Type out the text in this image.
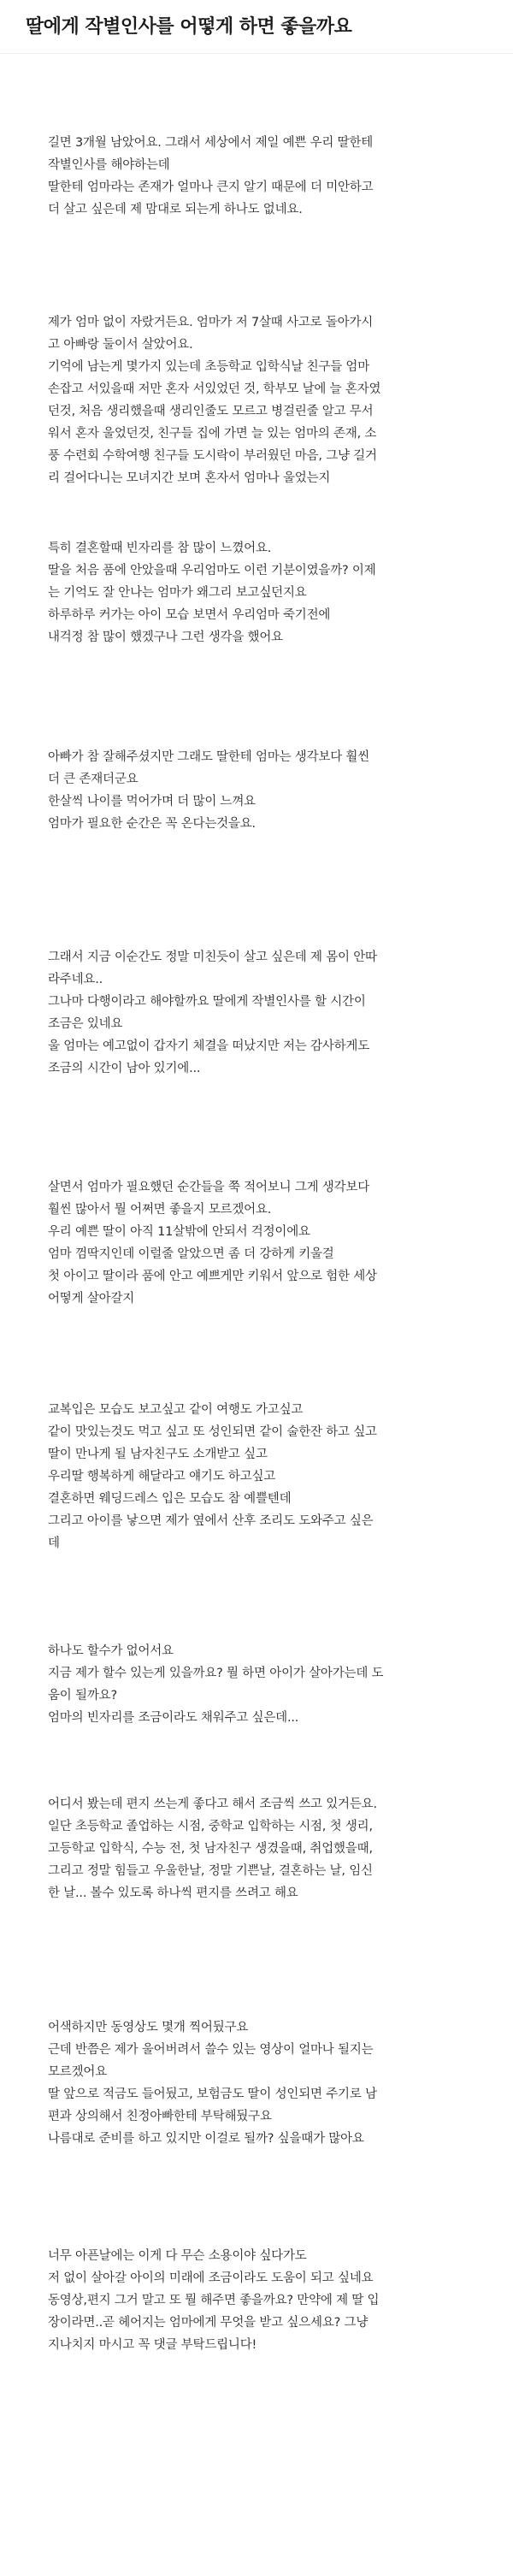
딸에게 작별인사를 어떻게 하면 좋을까요
길면 3개월 남았어요. 그래서 세상에서 제일 예쁜 우리 딸한테
작별인사를 해야하는데
딸한테 엄마라는 존재가 얼마나 큰지 알기 때문에 더 미안하고
더 살고 싶은데 제 맘대로 되는게 하나도 없네요.
제가 엄마 없이 자랐거든요. 엄마가 저 7살때 사고로 돌아가시
고 아빠랑 둘이서 살았어요.
기억에 남는게 몇가지 있는데 초등학교 입학식날 친구들 엄마
손잡고 서있을때 저만 혼자 서있었던 것, 학부모 날에 늘 혼자였
던것, 처음 생리했을때 생리인줄도 모르고 병걸린줄 알고 무서
워서 혼자 울었던것, 친구들 집에 가면 늘 있는 엄마의 존재, 소
풍 수련회 수학여행 친구들 도시락이 부러웠던 마음, 그냥 길거
리 걸어다니는 모녀지간 보며 혼자서 엄마나 울었는지
특히 결혼할때 빈자리를 참 많이 느꼈어요.
딸을 처음 품에 안았을때 우리엄마도 이런 기분이였을까? 이제
는 기억도 잘 안나는 엄마가 왜그리 보고싶던지요
하루하루 커가는 아이 모습 보면서 우리엄마 죽기전에
내걱정 참 많이 했겠구나 그런 생각을 했어요
아빠가 참 잘해주셨지만 그래도 딸한테 엄마는 생각보다 훨씬
더 큰 존재더군요
한살씩 나이를 먹어가며 더 많이 느껴요
엄마가 필요한 순간은 꼭 온다는것을요.
그래서 지금 이순간도 정말 미친듯이 살고 싶은데 제 몸이 안따
라주네요..
그나마 다행이라고 해야할까요 딸에게 작별인사를 할 시간이
조금은 있네요
울 엄마는 예고없이 갑자기 체결을 떠났지만 저는 감사하게도
조금의 시간이 남아 있기에...
살면서 엄마가 필요했던 순간들을 쭉 적어보니 그게 생각보다
훨씬 많아서 뭘 어쩌면 좋을지 모르겠어요.
우리 예쁜 딸이 아직 11살밖에 안되서 걱정이에요
엄마 껌딱지인데 이럴줄 알았으면 좀 더 강하게 키울걸
첫 아이고 딸이라 품에 안고 예쁘게만 키워서 앞으로 험한 세상
어떻게 살아갈지
교복입은 모습도 보고싶고 같이 여행도 가고싶고
같이 맛있는것도 먹고 싶고 또 성인되면 같이 술한잔 하고 싶고
딸이 만나게 될 남자친구도 소개받고 싶고
우리딸 행복하게 해달라고 얘기도 하고싶고
결혼하면 웨딩드레스 입은 모습도 참 예쁠텐데
그리고 아이를 낳으면 제가 옆에서 산후 조리도 도와주고 싶은
데
하나도 할수가 없어서요
지금 제가 할수 있는게 있을까요? 뭘 하면 아이가 살아가는데 도
움이 될까요?
엄마의 빈자리를 조금이라도 채워주고 싶은데...
어디서 봤는데 편지 쓰는게 좋다고 해서 조금씩 쓰고 있거든요.
일단 초등학교 졸업하는 시점, 중학교 입학하는 시점, 첫 생리,
고등학교 입학식, 수능 전, 첫 남자친구 생겼을때, 취업했을때,
그리고 정말 힘들고 우울한날, 정말 기쁜날, 결혼하는 날, 임신
한 날... 볼수 있도록 하나씩 편지를 쓰려고 해요
어색하지만 동영상도 몇개 찍어뒀구요
근데 반쯤은 제가 울어버려서 쓸수 있는 영상이 얼마나 될지는
모르겠어요
딸 앞으로 적금도 들어뒀고, 보험금도 딸이 성인되면 주기로 남
편과 상의해서 친정아빠한테 부탁해뒀구요
나름대로 준비를 하고 있지만 이걸로 될까? 싶을때가 많아요
너무 아픈날에는 이게 다 무슨 소용이야 싶다가도
저 없이 살아갈 아이의 미래에 조금이라도 도움이 되고 싶네요
동영상,편지 그거 말고 또 뭘 해주면 좋을까요? 만약에 제 딸 입
장이라면..곧 헤어지는 엄마에게 무엇을 받고 싶으세요? 그냥
지나치지 마시고 꼭 댓글 부탁드립니다!
